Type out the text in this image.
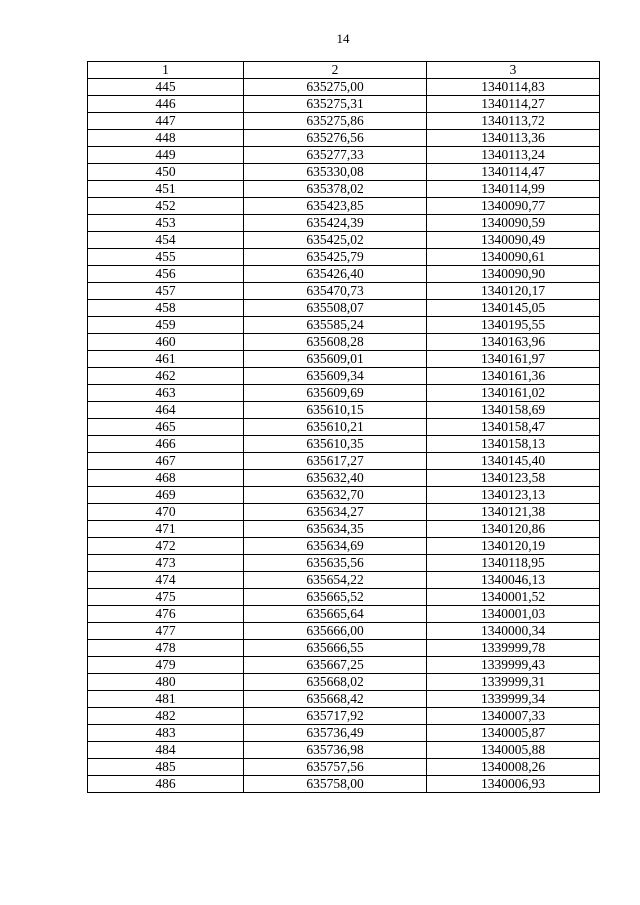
14
1	2	3
445	635275,00	1340114,83
446	635275,31	1340114,27
447	635275,86	1340113,72
448	635276,56	1340113,36
449	635277,33	1340113,24
450	635330,08	1340114,47
451	635378,02	1340114,99
452	635423,85	1340090,77
453	635424,39	1340090,59
454	635425,02	1340090,49
455	635425,79	1340090,61
456	635426,40	1340090,90
457	635470,73	1340120,17
458	635508,07	1340145,05
459	635585,24	1340195,55
460	635608,28	1340163,96
461	635609,01	1340161,97
462	635609,34	1340161,36
463	635609,69	1340161,02
464	635610,15	1340158,69
465	635610,21	1340158,47
466	635610,35	1340158,13
467	635617,27	1340145,40
468	635632,40	1340123,58
469	635632,70	1340123,13
470	635634,27	1340121,38
471	635634,35	1340120,86
472	635634,69	1340120,19
473	635635,56	1340118,95
474	635654,22	1340046,13
475	635665,52	1340001,52
476	635665,64	1340001,03
477	635666,00	1340000,34
478	635666,55	1339999,78
479	635667,25	1339999,43
480	635668,02	1339999,31
481	635668,42	1339999,34
482	635717,92	1340007,33
483	635736,49	1340005,87
484	635736,98	1340005,88
485	635757,56	1340008,26
486	635758,00	1340006,93
